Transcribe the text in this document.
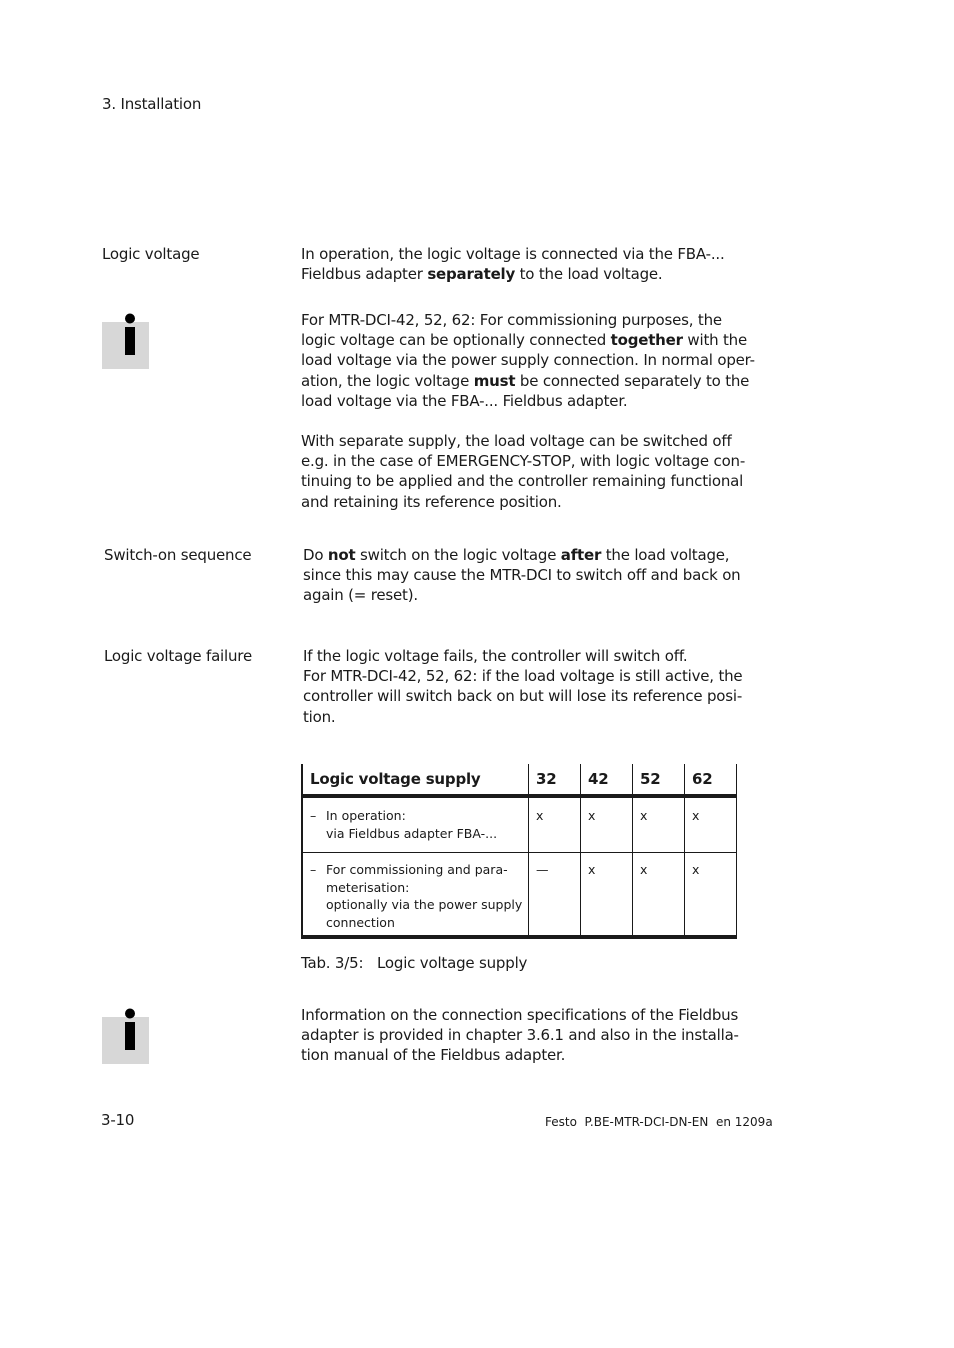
3. Installation
Logic voltage
Switch-on sequence
Logic voltage failure
In operation, the logic voltage is connected via the FBA-...
Fieldbus adapter separately to the load voltage.
For MTR-DCI-42, 52, 62: For commissioning purposes, the
logic voltage can be optionally connected together with the
load voltage via the power supply connection. In normal oper-
ation, the logic voltage must be connected separately to the
load voltage via the FBA-... Fieldbus adapter.
With separate supply, the load voltage can be switched off
e.g. in the case of EMERGENCY-STOP, with logic voltage con-
tinuing to be applied and the controller remaining functional
and retaining its reference position.
Do not switch on the logic voltage after the load voltage,
since this may cause the MTR-DCI to switch off and back on
again (= reset).
If the logic voltage fails, the controller will switch off.
For MTR-DCI-42, 52, 62: if the load voltage is still active, the
controller will switch back on but will lose its reference posi-
tion.
Logic voltage supply	32	42	52	62

– In operation:
via Fieldbus adapter FBA-...	x	x	x	x

– For commissioning and para-
meterisation:
optionally via the power supply
connection	—	x	x	x
Tab. 3/5:   Logic voltage supply
Information on the connection specifications of the Fieldbus
adapter is provided in chapter 3.6.1 and also in the installa-
tion manual of the Fieldbus adapter.
3-10	Festo  P.BE-MTR-DCI-DN-EN  en 1209a
